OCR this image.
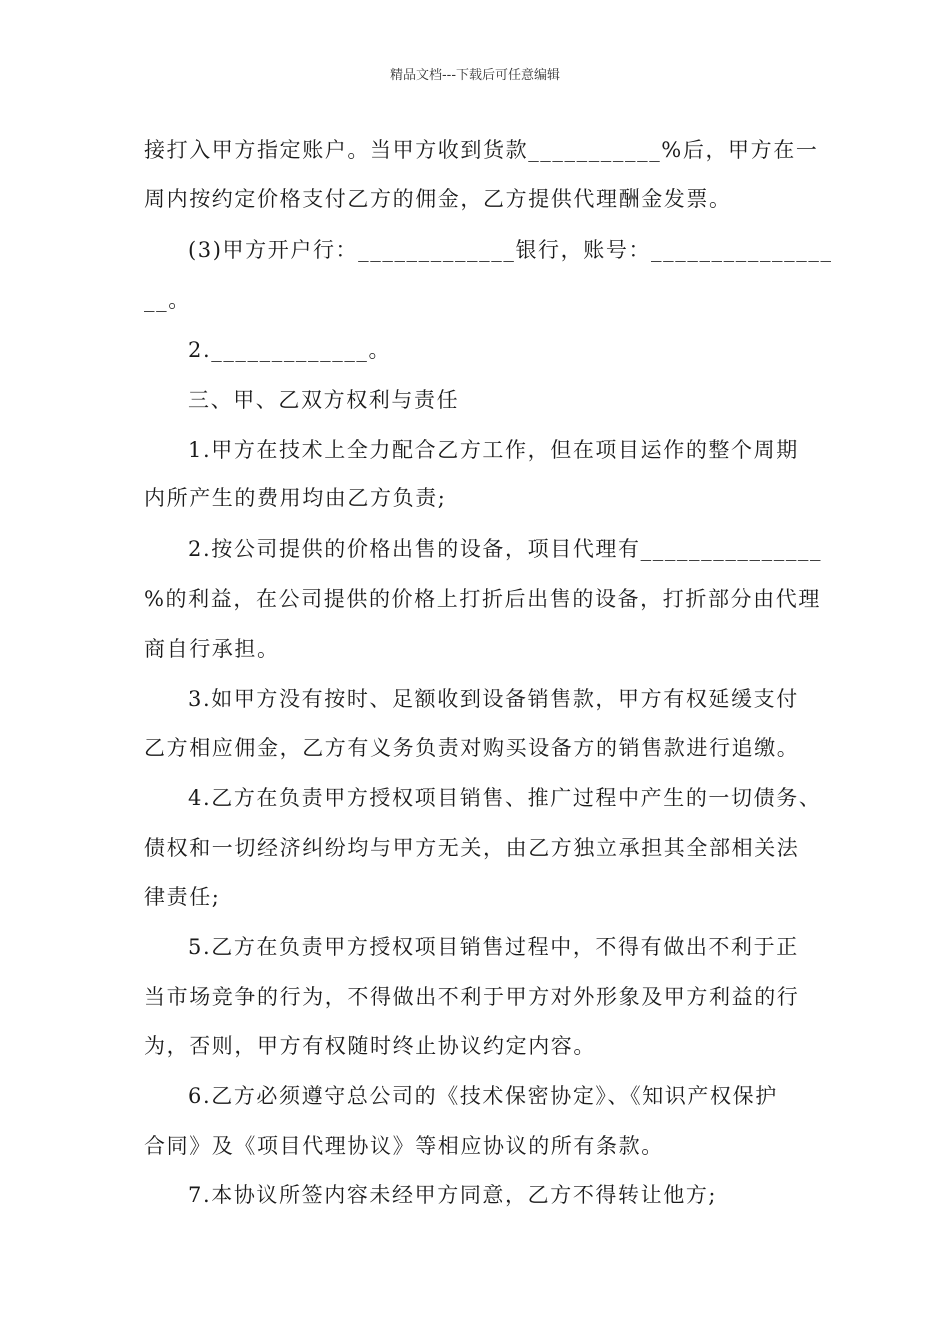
精品文档---下载后可任意编辑
接打入甲方指定账户。当甲方收到货款___________%后，甲方在一
周内按约定价格支付乙方的佣金，乙方提供代理酬金发票。
(3)甲方开户行：_____________银行，账号：_______________
__。
2._____________。
三、甲、乙双方权利与责任
1.甲方在技术上全力配合乙方工作，但在项目运作的整个周期
内所产生的费用均由乙方负责;
2.按公司提供的价格出售的设备，项目代理有_______________
%的利益，在公司提供的价格上打折后出售的设备，打折部分由代理
商自行承担。
3.如甲方没有按时、足额收到设备销售款，甲方有权延缓支付
乙方相应佣金，乙方有义务负责对购买设备方的销售款进行追缴。
4.乙方在负责甲方授权项目销售、推广过程中产生的一切债务、
债权和一切经济纠纷均与甲方无关，由乙方独立承担其全部相关法
律责任;
5.乙方在负责甲方授权项目销售过程中，不得有做出不利于正
当市场竞争的行为，不得做出不利于甲方对外形象及甲方利益的行
为，否则，甲方有权随时终止协议约定内容。
6.乙方必须遵守总公司的《技术保密协定》、《知识产权保护
合同》及《项目代理协议》等相应协议的所有条款。
7.本协议所签内容未经甲方同意，乙方不得转让他方;
